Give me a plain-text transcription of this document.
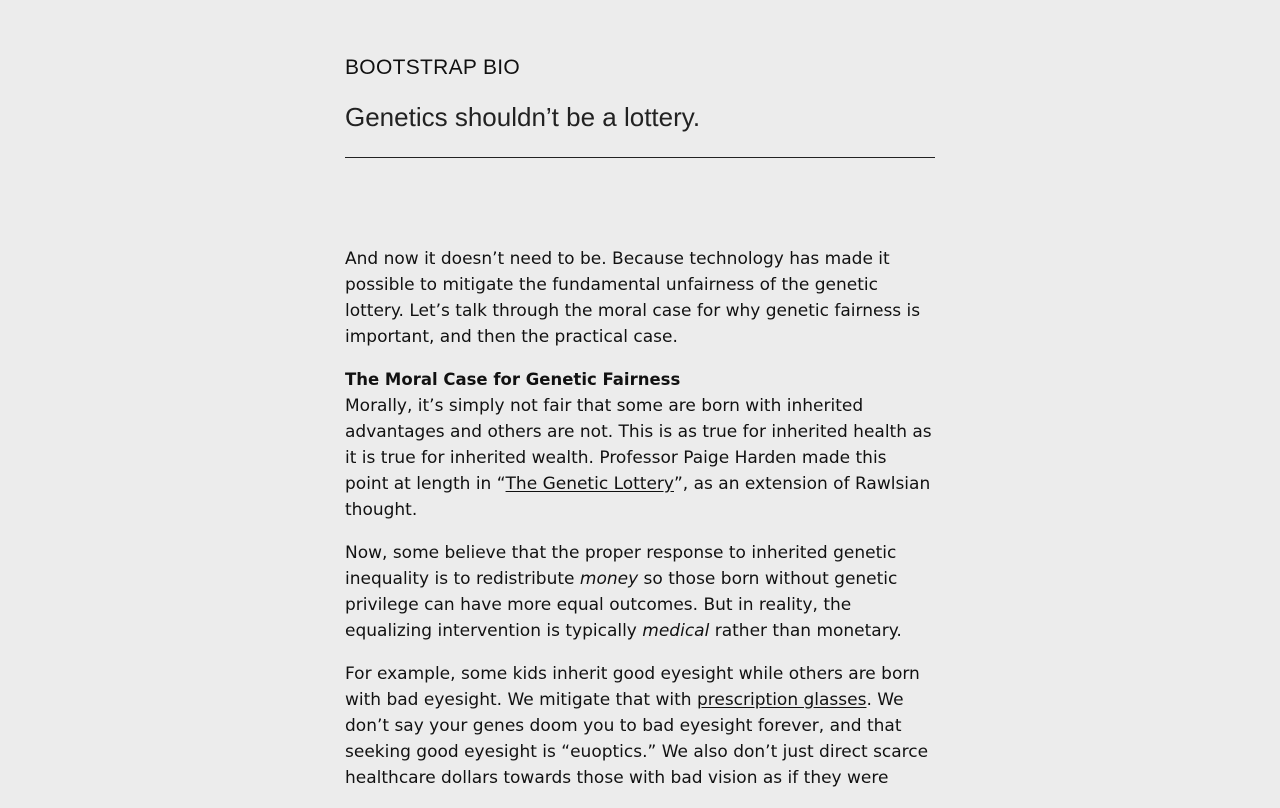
BOOTSTRAP BIO
Genetics shouldn’t be a lottery.

And now it doesn’t need to be. Because technology has made it possible to mitigate the fundamental unfairness of the genetic lottery. Let’s talk through the moral case for why genetic fairness is important, and then the practical case.

The Moral Case for Genetic Fairness
Morally, it’s simply not fair that some are born with inherited advantages and others are not. This is as true for inherited health as it is true for inherited wealth. Professor Paige Harden made this point at length in “The Genetic Lottery”, as an extension of Rawlsian thought.

Now, some believe that the proper response to inherited genetic inequality is to redistribute money so those born without genetic privilege can have more equal outcomes. But in reality, the equalizing intervention is typically medical rather than monetary.

For example, some kids inherit good eyesight while others are born with bad eyesight. We mitigate that with prescription glasses. We don’t say your genes doom you to bad eyesight forever, and that seeking good eyesight is “euoptics.” We also don’t just direct scarce healthcare dollars towards those with bad vision as if they were
